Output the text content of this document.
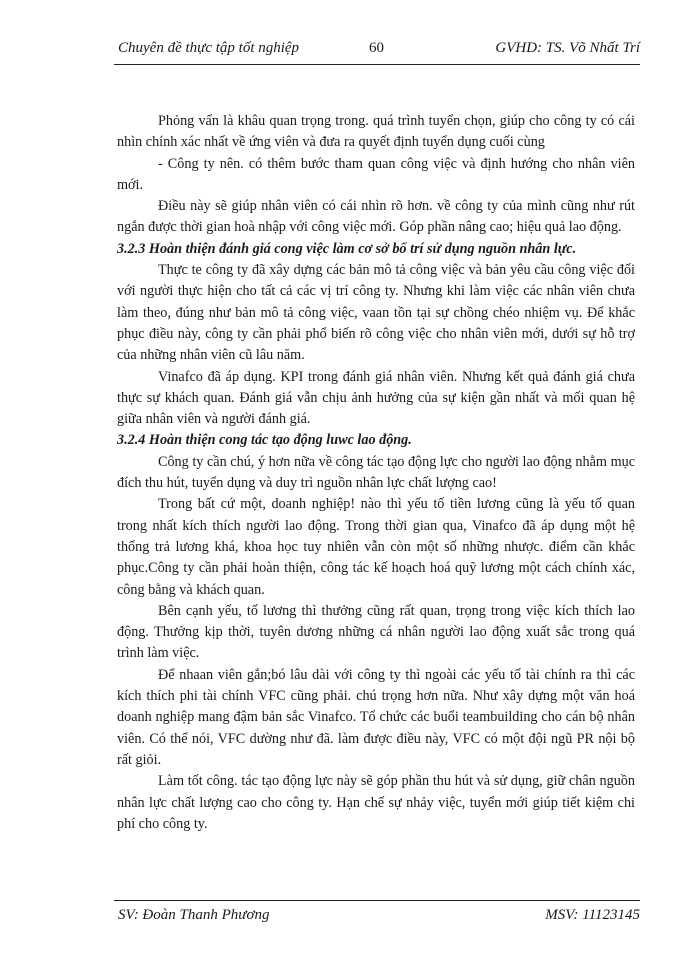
Chuyên đề thực tập tốt nghiệp	60	GVHD: TS. Võ Nhất Trí

Phỏng vấn là khâu quan trọng trong. quá trình tuyển chọn, giúp cho công ty có cái nhìn chính xác nhất về ứng viên và đưa ra quyết định tuyển dụng cuối cùng

- Công ty nên. có thêm bước tham quan công việc và định hướng cho nhân viên mới.

Điều này sẽ giúp nhân viên có cái nhìn rõ hơn. về công ty của mình cũng như rút ngắn được thời gian hoà nhập với công việc mới. Góp phần nâng cao; hiệu quả lao động.

3.2.3 Hoàn thiện đánh giá cong việc làm cơ sở bố trí sử dụng nguồn nhân lực.

Thực te công ty đã xây dựng các bản mô tả công việc và bản yêu cầu công việc đối với người thực hiện cho tất cả các vị trí công ty. Nhưng khi làm việc các nhân viên chưa làm theo, đúng như bản mô tả công việc, vaan tồn tại sự chồng chéo nhiệm vụ. Để khắc phục điều này, công ty cần phải phổ biến rõ công việc cho nhân viên mới, dưới sự hỗ trợ của những nhân viên cũ lâu năm.

Vinafco đã áp dụng. KPI trong đánh giá nhân viên. Nhưng kết quả đánh giá chưa thực sự khách quan. Đánh giá vẫn chịu ảnh hưởng của sự kiện gần nhất và mối quan hệ giữa nhân viên và người đánh giá.

3.2.4 Hoàn thiện cong tác tạo động luwc lao động.

Công ty cần chú, ý hơn nữa về công tác tạo động lực cho người lao động nhằm mục đích thu hút, tuyển dụng và duy trì nguồn nhân lực chất lượng cao!

Trong bất cứ một, doanh nghiệp! nào thì yếu tố tiền lương cũng là yếu tố quan trong nhất kích thích người lao động. Trong thời gian qua, Vinafco đã áp dụng một hệ thống trả lương khá, khoa học tuy nhiên vẫn còn một số những nhược. điểm cần khắc phục.Công ty cần phải hoàn thiện, công tác kế hoạch hoá quỹ lương một cách chính xác, công bằng và khách quan.

Bên cạnh yếu, tố lương thì thưởng cũng rất quan, trọng trong việc kích thích lao động. Thưởng kịp thời, tuyên dương những cá nhân người lao động xuất sắc trong quá trình làm việc.

Để nhaan viên gắn;bó lâu dài với công ty thì ngoài các yếu tố tài chính ra thì các kích thích phi tài chính VFC cũng phải. chú trọng hơn nữa. Như xây dựng một văn hoá doanh nghiệp mang đậm bản sắc Vinafco. Tổ chức các buổi teambuilding cho cán bộ nhân viên. Có thể nói, VFC dường như đã. làm được điều này, VFC có một đội ngũ PR nội bộ rất giỏi.

Làm tốt công. tác tạo động lực này sẽ góp phần thu hút và sử dụng, giữ chân nguồn nhân lực chất lượng cao cho công ty. Hạn chế sự nhảy việc, tuyển mới giúp tiết kiệm chi phí cho công ty.

SV: Đoàn Thanh Phương	MSV: 11123145
